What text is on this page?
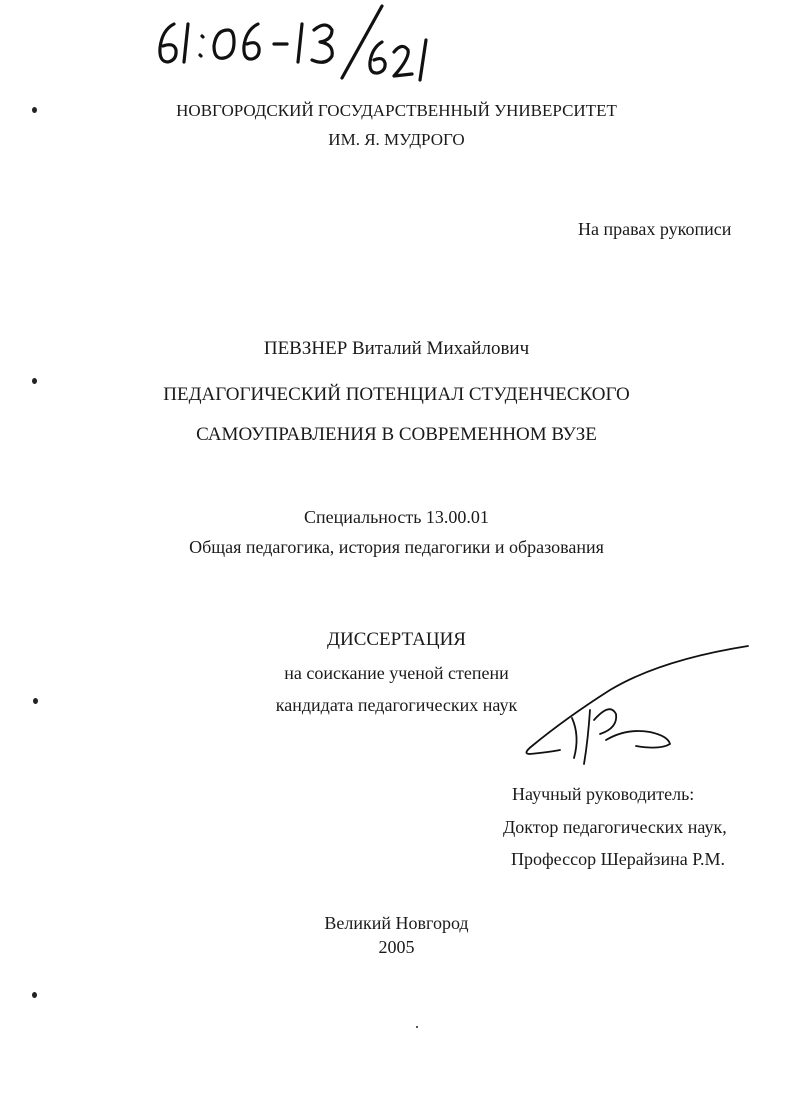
НОВГОРОДСКИЙ ГОСУДАРСТВЕННЫЙ УНИВЕРСИТЕТ
ИМ. Я. МУДРОГО
На правах рукописи
ПЕВЗНЕР Виталий Михайлович
ПЕДАГОГИЧЕСКИЙ ПОТЕНЦИАЛ СТУДЕНЧЕСКОГО
САМОУПРАВЛЕНИЯ В СОВРЕМЕННОМ ВУЗЕ
Специальность 13.00.01
Общая педагогика, история педагогики и образования
ДИССЕРТАЦИЯ
на соискание ученой степени
кандидата педагогических наук
Научный руководитель:
Доктор педагогических наук,
Профессор Шерайзина Р.М.
Великий Новгород
2005
